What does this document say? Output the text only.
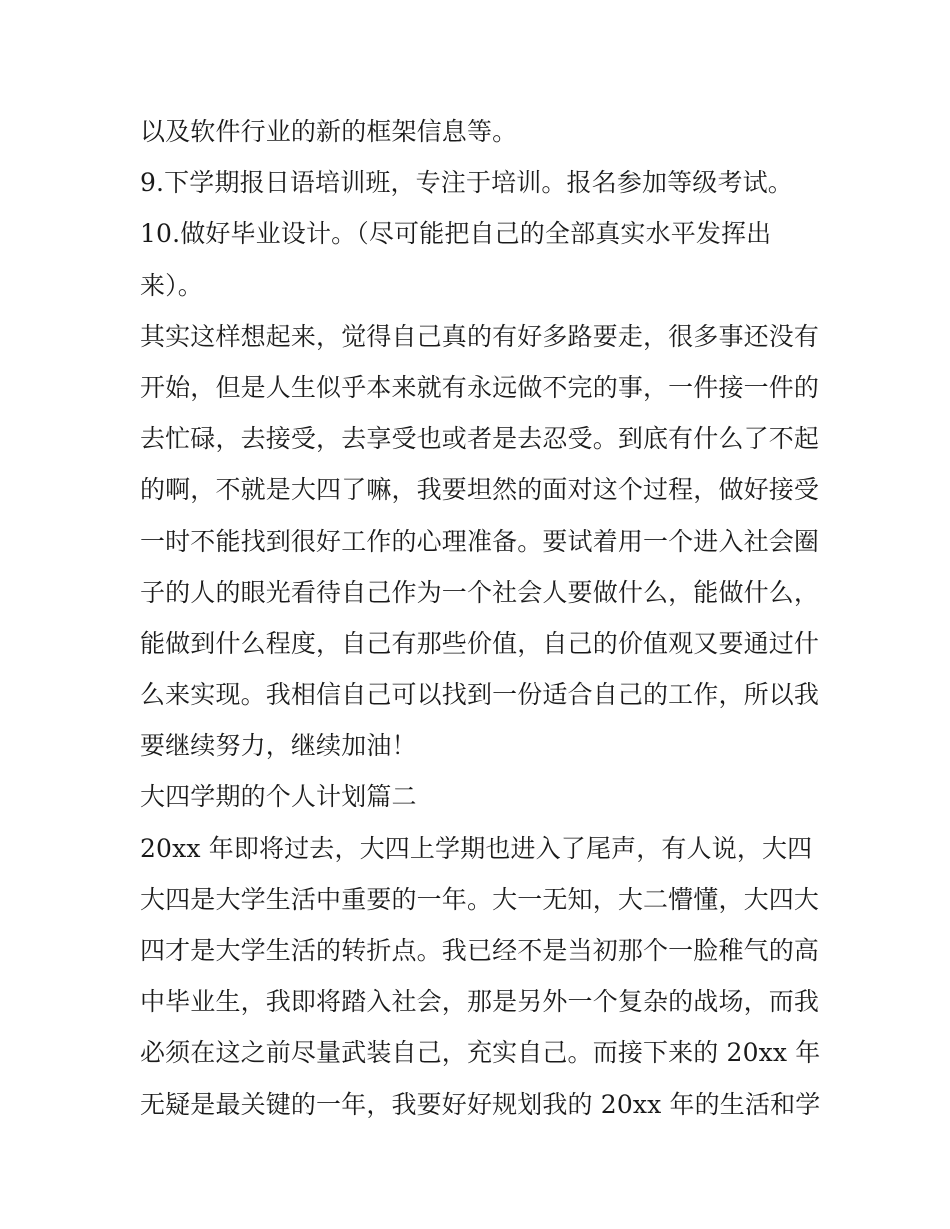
以及软件行业的新的框架信息等。
9.下学期报日语培训班，专注于培训。报名参加等级考试。
10.做好毕业设计。（尽可能把自己的全部真实水平发挥出
来）。
其实这样想起来，觉得自己真的有好多路要走，很多事还没有
开始，但是人生似乎本来就有永远做不完的事，一件接一件的
去忙碌，去接受，去享受也或者是去忍受。到底有什么了不起
的啊，不就是大四了嘛，我要坦然的面对这个过程，做好接受
一时不能找到很好工作的心理准备。要试着用一个进入社会圈
子的人的眼光看待自己作为一个社会人要做什么，能做什么，
能做到什么程度，自己有那些价值，自己的价值观又要通过什
么来实现。我相信自己可以找到一份适合自己的工作，所以我
要继续努力，继续加油！
大四学期的个人计划篇二
20xx 年即将过去，大四上学期也进入了尾声，有人说，大四
大四是大学生活中重要的一年。大一无知，大二懵懂，大四大
四才是大学生活的转折点。我已经不是当初那个一脸稚气的高
中毕业生，我即将踏入社会，那是另外一个复杂的战场，而我
必须在这之前尽量武装自己，充实自己。而接下来的 20xx 年
无疑是最关键的一年，我要好好规划我的 20xx 年的生活和学
